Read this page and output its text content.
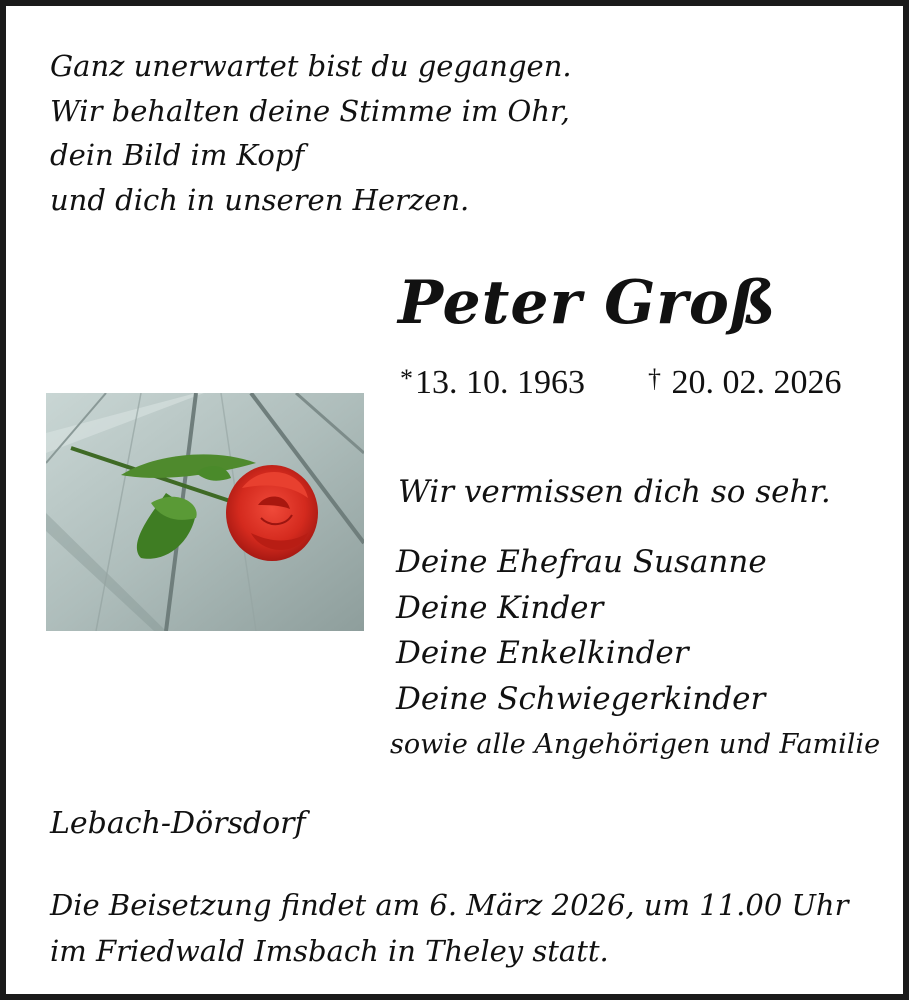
Ganz unerwartet bist du gegangen.
Wir behalten deine Stimme im Ohr,
dein Bild im Kopf
und dich in unseren Herzen.
Peter Groß
*13. 10. 1963 † 20. 02. 2026
Wir vermissen dich so sehr.
Deine Ehefrau Susanne
Deine Kinder
Deine Enkelkinder
Deine Schwiegerkinder
sowie alle Angehörigen und Familie
Lebach-Dörsdorf
Die Beisetzung findet am 6. März 2026, um 11.00 Uhr
im Friedwald Imsbach in Theley statt.
